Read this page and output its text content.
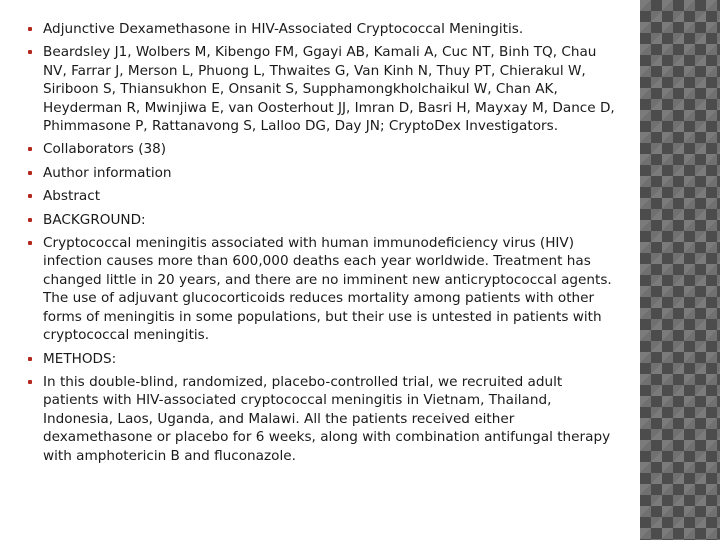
Adjunctive Dexamethasone in HIV-Associated Cryptococcal Meningitis.
Beardsley J1, Wolbers M, Kibengo FM, Ggayi AB, Kamali A, Cuc NT, Binh TQ, Chau NV, Farrar J, Merson L, Phuong L, Thwaites G, Van Kinh N, Thuy PT, Chierakul W, Siriboon S, Thiansukhon E, Onsanit S, Supphamongkholchaikul W, Chan AK, Heyderman R, Mwinjiwa E, van Oosterhout JJ, Imran D, Basri H, Mayxay M, Dance D, Phimmasone P, Rattanavong S, Lalloo DG, Day JN; CryptoDex Investigators.
Collaborators (38)
Author information
Abstract
BACKGROUND:
Cryptococcal meningitis associated with human immunodeficiency virus (HIV) infection causes more than 600,000 deaths each year worldwide. Treatment has changed little in 20 years, and there are no imminent new anticryptococcal agents. The use of adjuvant glucocorticoids reduces mortality among patients with other forms of meningitis in some populations, but their use is untested in patients with cryptococcal meningitis.
METHODS:
In this double-blind, randomized, placebo-controlled trial, we recruited adult patients with HIV-associated cryptococcal meningitis in Vietnam, Thailand, Indonesia, Laos, Uganda, and Malawi. All the patients received either dexamethasone or placebo for 6 weeks, along with combination antifungal therapy with amphotericin B and fluconazole.
